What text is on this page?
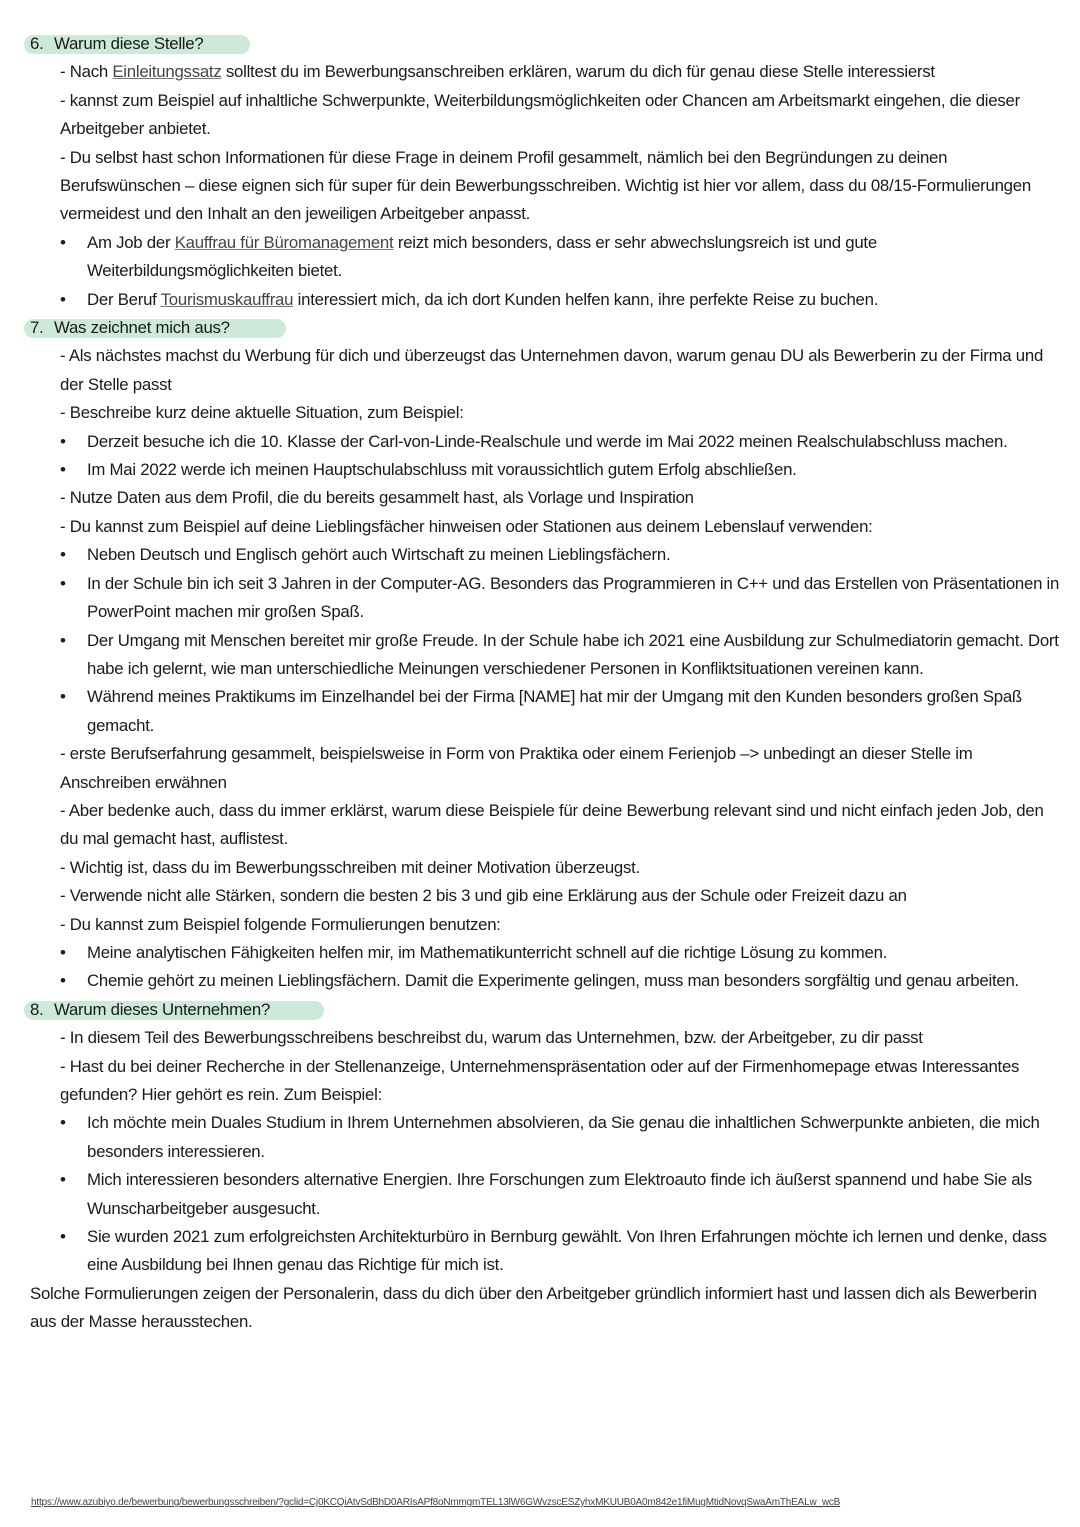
6. Warum diese Stelle?
- Nach Einleitungssatz solltest du im Bewerbungsanschreiben erklären, warum du dich für genau diese Stelle interessierst
- kannst zum Beispiel auf inhaltliche Schwerpunkte, Weiterbildungsmöglichkeiten oder Chancen am Arbeitsmarkt eingehen, die dieser Arbeitgeber anbietet.
- Du selbst hast schon Informationen für diese Frage in deinem Profil gesammelt, nämlich bei den Begründungen zu deinen Berufswünschen – diese eignen sich für super für dein Bewerbungsschreiben. Wichtig ist hier vor allem, dass du 08/15-Formulierungen vermeidest und den Inhalt an den jeweiligen Arbeitgeber anpasst.
• Am Job der Kauffrau für Büromanagement reizt mich besonders, dass er sehr abwechslungsreich ist und gute Weiterbildungsmöglichkeiten bietet.
• Der Beruf Tourismuskauffrau interessiert mich, da ich dort Kunden helfen kann, ihre perfekte Reise zu buchen.
7. Was zeichnet mich aus?
- Als nächstes machst du Werbung für dich und überzeugst das Unternehmen davon, warum genau DU als Bewerberin zu der Firma und der Stelle passt
- Beschreibe kurz deine aktuelle Situation, zum Beispiel:
• Derzeit besuche ich die 10. Klasse der Carl-von-Linde-Realschule und werde im Mai 2022 meinen Realschulabschluss machen.
• Im Mai 2022 werde ich meinen Hauptschulabschluss mit voraussichtlich gutem Erfolg abschließen.
- Nutze Daten aus dem Profil, die du bereits gesammelt hast, als Vorlage und Inspiration
- Du kannst zum Beispiel auf deine Lieblingsfächer hinweisen oder Stationen aus deinem Lebenslauf verwenden:
• Neben Deutsch und Englisch gehört auch Wirtschaft zu meinen Lieblingsfächern.
• In der Schule bin ich seit 3 Jahren in der Computer-AG. Besonders das Programmieren in C++ und das Erstellen von Präsentationen in PowerPoint machen mir großen Spaß.
• Der Umgang mit Menschen bereitet mir große Freude. In der Schule habe ich 2021 eine Ausbildung zur Schulmediatorin gemacht. Dort habe ich gelernt, wie man unterschiedliche Meinungen verschiedener Personen in Konfliktsituationen vereinen kann.
• Während meines Praktikums im Einzelhandel bei der Firma [NAME] hat mir der Umgang mit den Kunden besonders großen Spaß gemacht.
- erste Berufserfahrung gesammelt, beispielsweise in Form von Praktika oder einem Ferienjob –> unbedingt an dieser Stelle im Anschreiben erwähnen
- Aber bedenke auch, dass du immer erklärst, warum diese Beispiele für deine Bewerbung relevant sind und nicht einfach jeden Job, den du mal gemacht hast, auflistest.
- Wichtig ist, dass du im Bewerbungsschreiben mit deiner Motivation überzeugst.
- Verwende nicht alle Stärken, sondern die besten 2 bis 3 und gib eine Erklärung aus der Schule oder Freizeit dazu an
- Du kannst zum Beispiel folgende Formulierungen benutzen:
• Meine analytischen Fähigkeiten helfen mir, im Mathematikunterricht schnell auf die richtige Lösung zu kommen.
• Chemie gehört zu meinen Lieblingsfächern. Damit die Experimente gelingen, muss man besonders sorgfältig und genau arbeiten.
8. Warum dieses Unternehmen?
- In diesem Teil des Bewerbungsschreibens beschreibst du, warum das Unternehmen, bzw. der Arbeitgeber, zu dir passt
- Hast du bei deiner Recherche in der Stellenanzeige, Unternehmenspräsentation oder auf der Firmenhomepage etwas Interessantes gefunden? Hier gehört es rein. Zum Beispiel:
• Ich möchte mein Duales Studium in Ihrem Unternehmen absolvieren, da Sie genau die inhaltlichen Schwerpunkte anbieten, die mich besonders interessieren.
• Mich interessieren besonders alternative Energien. Ihre Forschungen zum Elektroauto finde ich äußerst spannend und habe Sie als Wunscharbeitgeber ausgesucht.
• Sie wurden 2021 zum erfolgreichsten Architekturbüro in Bernburg gewählt. Von Ihren Erfahrungen möchte ich lernen und denke, dass eine Ausbildung bei Ihnen genau das Richtige für mich ist.
Solche Formulierungen zeigen der Personalerin, dass du dich über den Arbeitgeber gründlich informiert hast und lassen dich als Bewerberin aus der Masse herausstechen.
https://www.azubiyo.de/bewerbung/bewerbungsschreiben/?gclid=Cj0KCQiAtvSdBhD0ARIsAPf8oNmmgmTEL13lW6GWvzscESZyhxMKUUB0A0m842e1fiMugMtidNovqSwaAmThEALw_wcB
